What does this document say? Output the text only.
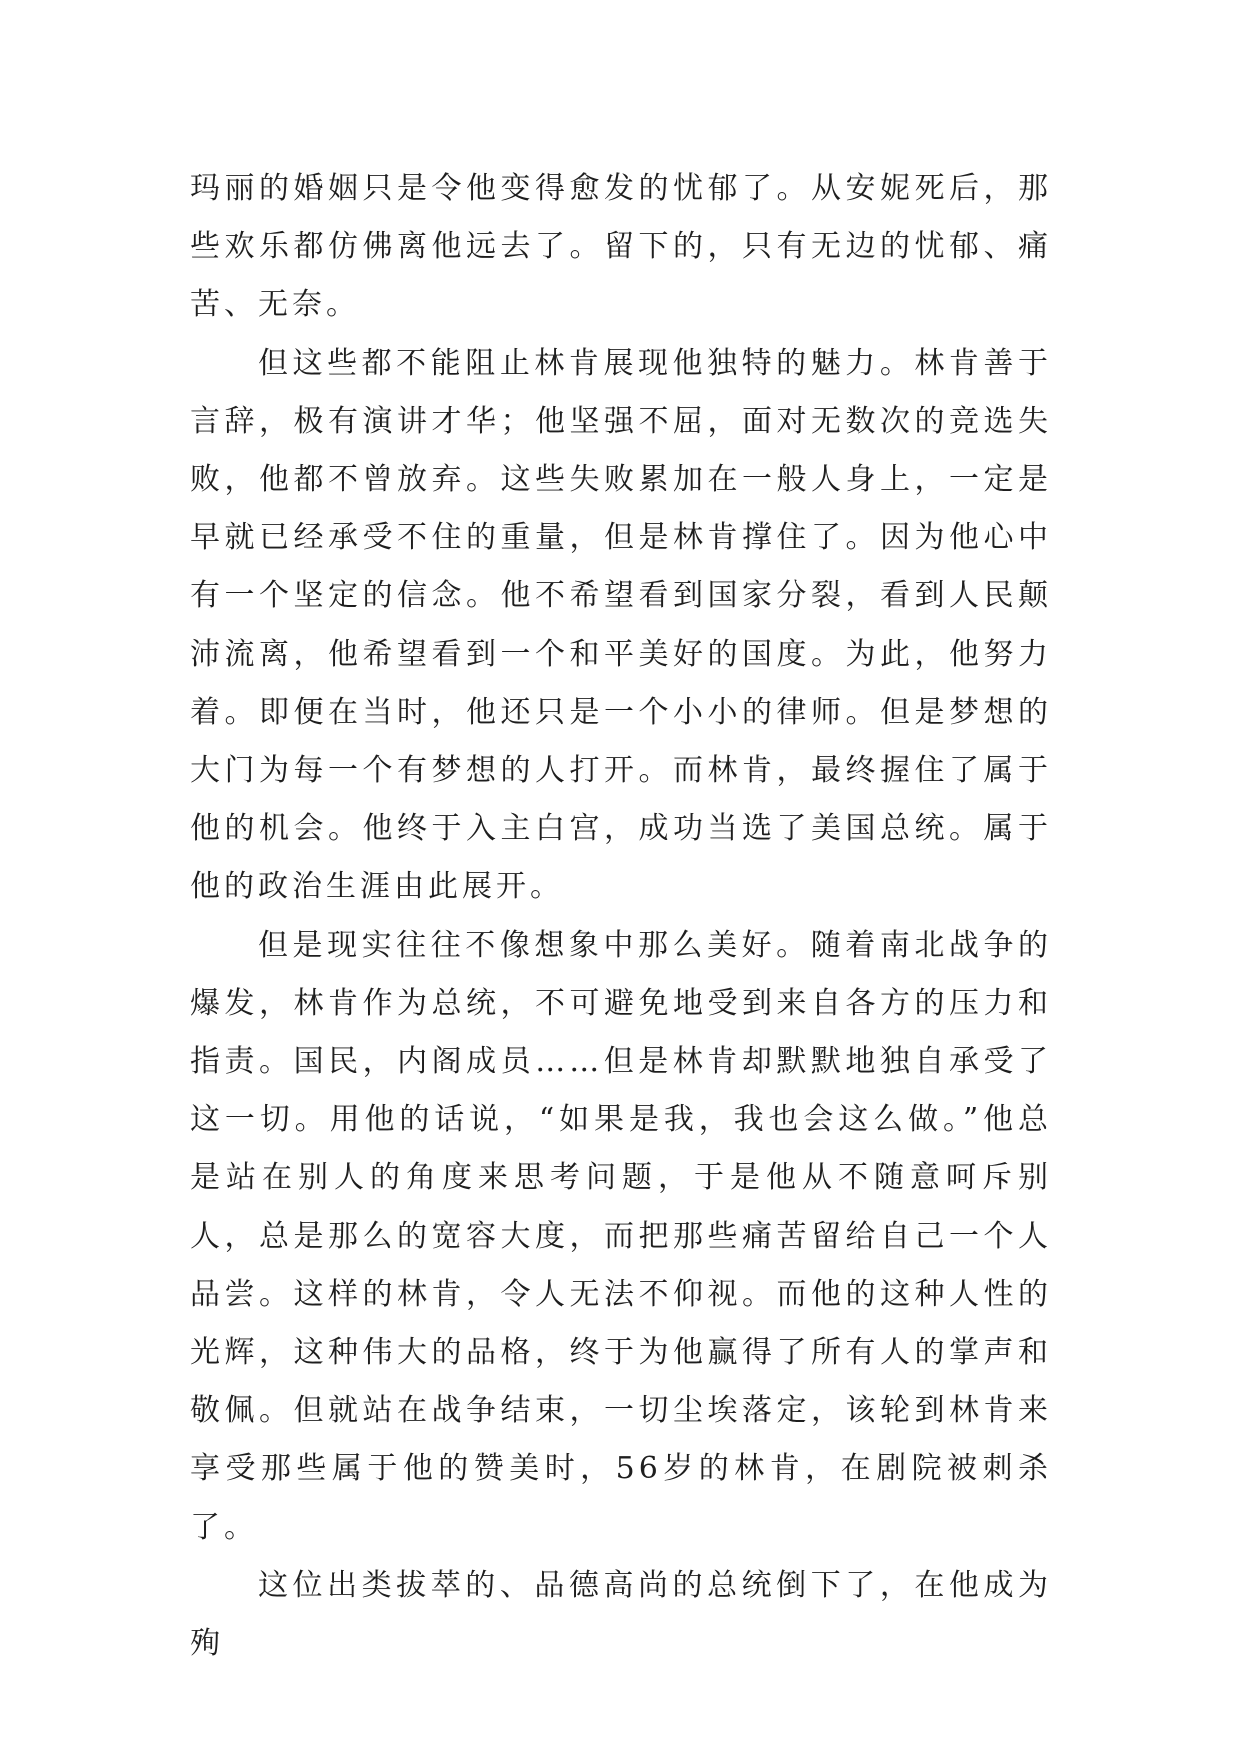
玛丽的婚姻只是令他变得愈发的忧郁了。从安妮死后，那些欢乐都仿佛离他远去了。留下的，只有无边的忧郁、痛苦、无奈。

但这些都不能阻止林肯展现他独特的魅力。林肯善于言辞，极有演讲才华；他坚强不屈，面对无数次的竞选失败，他都不曾放弃。这些失败累加在一般人身上，一定是早就已经承受不住的重量，但是林肯撑住了。因为他心中有一个坚定的信念。他不希望看到国家分裂，看到人民颠沛流离，他希望看到一个和平美好的国度。为此，他努力着。即便在当时，他还只是一个小小的律师。但是梦想的大门为每一个有梦想的人打开。而林肯，最终握住了属于他的机会。他终于入主白宫，成功当选了美国总统。属于他的政治生涯由此展开。

但是现实往往不像想象中那么美好。随着南北战争的爆发，林肯作为总统，不可避免地受到来自各方的压力和指责。国民，内阁成员……但是林肯却默默地独自承受了这一切。用他的话说，“如果是我，我也会这么做。”他总是站在别人的角度来思考问题，于是他从不随意呵斥别人，总是那么的宽容大度，而把那些痛苦留给自己一个人品尝。这样的林肯，令人无法不仰视。而他的这种人性的光辉，这种伟大的品格，终于为他赢得了所有人的掌声和敬佩。但就站在战争结束，一切尘埃落定，该轮到林肯来享受那些属于他的赞美时，56岁的林肯，在剧院被刺杀了。

这位出类拔萃的、品德高尚的总统倒下了，在他成为殉
